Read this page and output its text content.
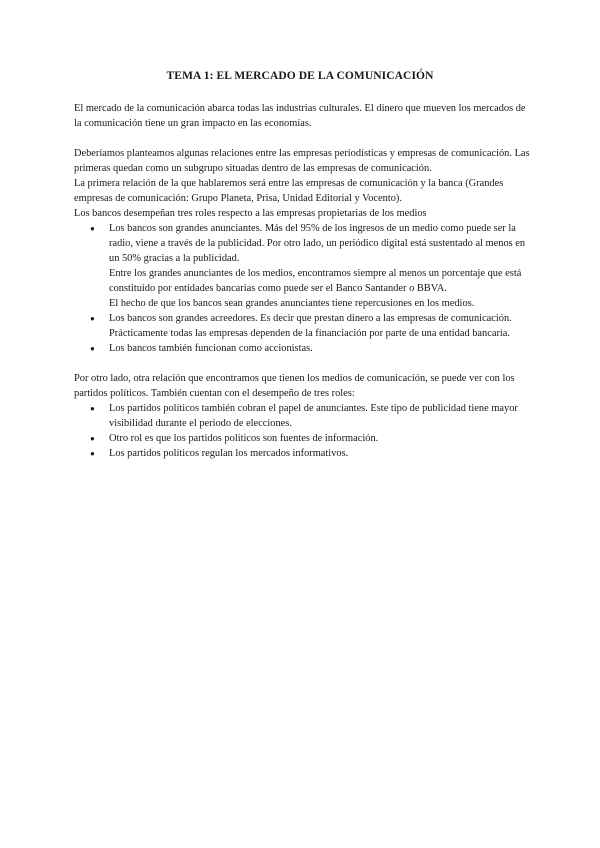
TEMA 1: EL MERCADO DE LA COMUNICACIÓN

El mercado de la comunicación abarca todas las industrias culturales. El dinero que mueven los mercados de la comunicación tiene un gran impacto en las economías.

Deberíamos planteamos algunas relaciones entre las empresas periodísticas y empresas de comunicación. Las primeras quedan como un subgrupo situadas dentro de las empresas de comunicación.

La primera relación de la que hablaremos será entre las empresas de comunicación y la banca (Grandes empresas de comunicación: Grupo Planeta, Prisa, Unidad Editorial y Vocento).

Los bancos desempeñan tres roles respecto a las empresas propietarias de los medios

● Los bancos son grandes anunciantes. Más del 95% de los ingresos de un medio como puede ser la radio, viene a través de la publicidad. Por otro lado, un periódico digital está sustentado al menos en un 50% gracias a la publicidad.
Entre los grandes anunciantes de los medios, encontramos siempre al menos un porcentaje que está constituido por entidades bancarias como puede ser el Banco Santander o BBVA.
El hecho de que los bancos sean grandes anunciantes tiene repercusiones en los medios.
● Los bancos son grandes acreedores. Es decir que prestan dinero a las empresas de comunicación. Prácticamente todas las empresas dependen de la financiación por parte de una entidad bancaria.
● Los bancos también funcionan como accionistas.

Por otro lado, otra relación que encontramos que tienen los medios de comunicación, se puede ver con los partidos políticos. También cuentan con el desempeño de tres roles:

● Los partidos políticos también cobran el papel de anunciantes. Este tipo de publicidad tiene mayor visibilidad durante el periodo de elecciones.
● Otro rol es que los partidos políticos son fuentes de información.
● Los partidos políticos regulan los mercados informativos.
